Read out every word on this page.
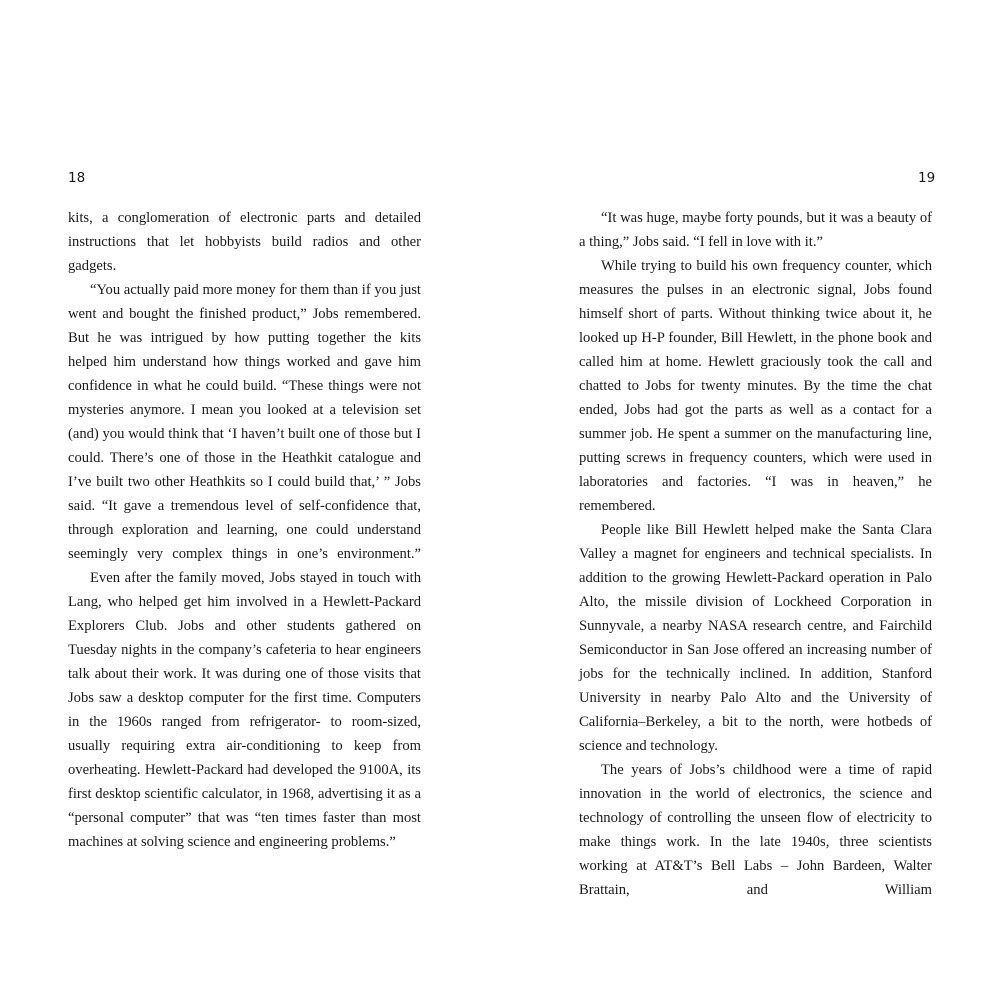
18	19

kits, a conglomeration of electronic parts and detailed instructions that let hobbyists build radios and other gadgets.

“You actually paid more money for them than if you just went and bought the finished product,” Jobs remembered. But he was intrigued by how putting together the kits helped him understand how things worked and gave him confidence in what he could build. “These things were not mysteries anymore. I mean you looked at a television set (and) you would think that ‘I haven’t built one of those but I could. There’s one of those in the Heathkit catalogue and I’ve built two other Heathkits so I could build that,’ ” Jobs said. “It gave a tremendous level of self-confidence that, through exploration and learning, one could understand seemingly very complex things in one’s environment.”

Even after the family moved, Jobs stayed in touch with Lang, who helped get him involved in a Hewlett-Packard Explorers Club. Jobs and other students gathered on Tuesday nights in the company’s cafeteria to hear engineers talk about their work. It was during one of those visits that Jobs saw a desktop computer for the first time. Computers in the 1960s ranged from refrigerator- to room-sized, usually requiring extra air-conditioning to keep from overheating. Hewlett-Packard had developed the 9100A, its first desktop scientific calculator, in 1968, advertising it as a “personal computer” that was “ten times faster than most machines at solving science and engineering problems.”

“It was huge, maybe forty pounds, but it was a beauty of a thing,” Jobs said. “I fell in love with it.”

While trying to build his own frequency counter, which measures the pulses in an electronic signal, Jobs found himself short of parts. Without thinking twice about it, he looked up H-P founder, Bill Hewlett, in the phone book and called him at home. Hewlett graciously took the call and chatted to Jobs for twenty minutes. By the time the chat ended, Jobs had got the parts as well as a contact for a summer job. He spent a summer on the manufacturing line, putting screws in frequency counters, which were used in laboratories and factories. “I was in heaven,” he remembered.

People like Bill Hewlett helped make the Santa Clara Valley a magnet for engineers and technical specialists. In addition to the growing Hewlett-Packard operation in Palo Alto, the missile division of Lockheed Corporation in Sunnyvale, a nearby NASA research centre, and Fairchild Semiconductor in San Jose offered an increasing number of jobs for the technically inclined. In addition, Stanford University in nearby Palo Alto and the University of California–Berkeley, a bit to the north, were hotbeds of science and technology.

The years of Jobs’s childhood were a time of rapid innovation in the world of electronics, the science and technology of controlling the unseen flow of electricity to make things work. In the late 1940s, three scientists working at AT&T’s Bell Labs – John Bardeen, Walter Brattain, and William
